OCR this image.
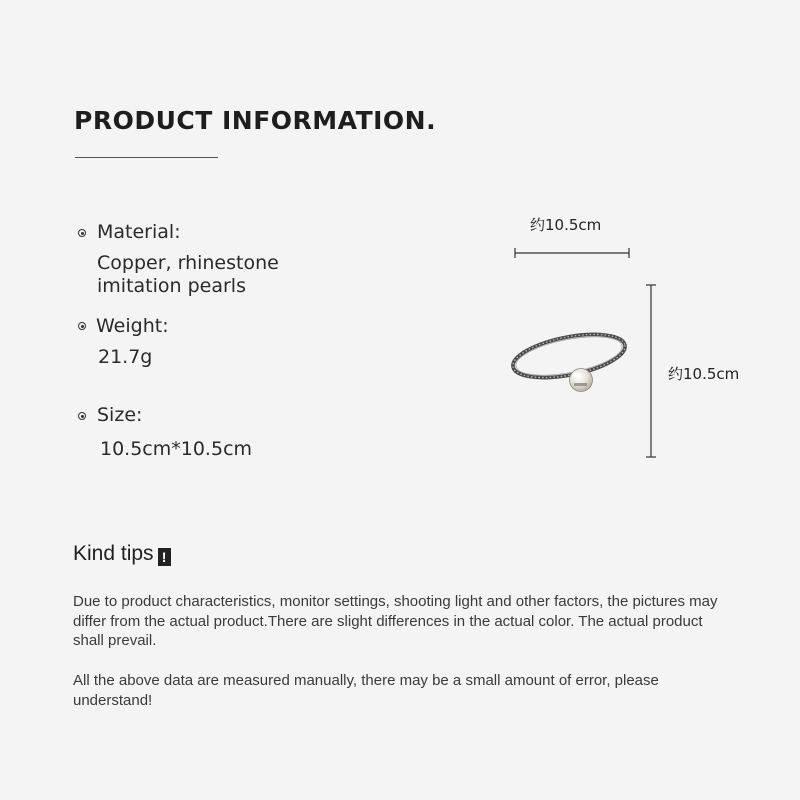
PRODUCT INFORMATION.
Material:
Copper, rhinestone
imitation pearls
Weight:
21.7g
Size:
10.5cm*10.5cm
约10.5cm
约10.5cm
Kind tips !

Due to product characteristics, monitor settings, shooting light and other factors, the pictures may differ from the actual product.There are slight differences in the actual color. The actual product shall prevail.

All the above data are measured manually, there may be a small amount of error, please understand!
